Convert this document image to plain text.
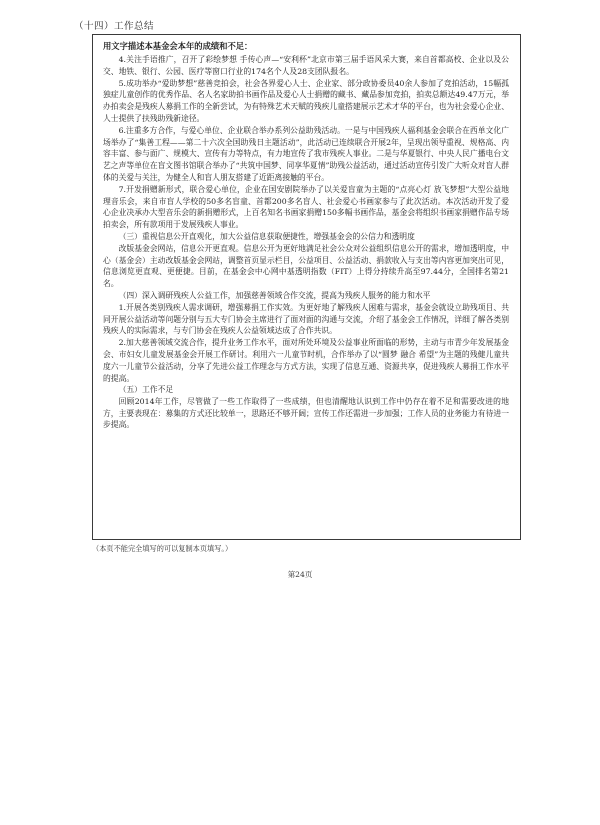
（十四）工作总结
用文字描述本基金会本年的成绩和不足：

4.关注手语推广，召开了彩绘梦想 手传心声—“安利杯”北京市第三届手语风采大赛，来自首都高校、企业以及公交、地铁、银行、公园、医疗等窗口行业的174名个人及28支团队报名。

5.成功举办“爱助梦想”慈善竞拍会，社会各界爱心人士、企业家、部分政协委员40余人参加了竞拍活动，15幅孤独症儿童创作的优秀作品、名人名家助拍书画作品及爱心人士捐赠的藏书、藏品参加竞拍，拍卖总额达49.47万元，举办拍卖会是残疾人募捐工作的全新尝试，为有特殊艺术天赋的残疾儿童搭建展示艺术才华的平台，也为社会爱心企业、人士提供了扶残助残新途径。

6.注重多方合作，与爱心单位、企业联合举办系列公益助残活动。一是与中国残疾人福利基金会联合在西单文化广场举办了“集善工程——第二十六次全国助残日主题活动”，此活动已连续联合开展2年，呈现出领导重视、规格高、内容丰富、参与面广、规模大、宣传有力等特点，有力地宣传了我市残疾人事业。二是与华夏银行、中央人民广播电台文艺之声等单位在盲文图书馆联合举办了“共筑中国梦、同享华夏情”助残公益活动，通过活动宣传引发广大听众对盲人群体的关爱与关注，为健全人和盲人朋友搭建了近距离接触的平台。

7.开发捐赠新形式，联合爱心单位，企业在国安剧院举办了以关爱盲童为主题的“点亮心灯 放飞梦想”大型公益地理音乐会，来自市盲人学校的50多名盲童、首都200多名盲人、社会爱心书画家参与了此次活动。本次活动开发了爱心企业决承办大型音乐会的新捐赠形式，上百名知名书画家捐赠150多幅书画作品，基金会将组织书画家捐赠作品专场拍卖会，所有款项用于发展残疾人事业。

（三）重视信息公开直观化，加大公益信息获取便捷性，增强基金会的公信力和透明度

改版基金会网站，信息公开更直观。信息公开为更好地满足社会公众对公益组织信息公开的需求，增加透明度，中心（基金会）主动改版基金会网站，调整首页显示栏目，公益项目、公益活动、捐款收入与支出等内容更加突出可见，信息浏览更直观、更便捷。目前，在基金会中心网中基透明指数（FIT）上得分持续升高至97.44分，全国排名第21名。

（四）深入调研残疾人公益工作，加强慈善领域合作交流，提高为残疾人服务的能力和水平

1.开展各类别残疾人需求调研，增强募捐工作实效。为更好地了解残疾人困难与需求，基金会就设立助残项目、共同开展公益活动等问题分别与五大专门协会主席进行了面对面的沟通与交流，介绍了基金会工作情况，详细了解各类别残疾人的实际需求，与专门协会在残疾人公益领域达成了合作共识。

2.加大慈善领域交流合作，提升业务工作水平，面对所处环境及公益事业所面临的形势，主动与市青少年发展基金会、市妇女儿童发展基金会开展工作研讨。利用六一儿童节时机，合作举办了以“圆梦 融合 希望”为主题的残健儿童共度六一儿童节公益活动，分享了先进公益工作理念与方式方法，实现了信息互通、资源共享，促进残疾人募捐工作水平的提高。

（五）工作不足

回顾2014年工作，尽管做了一些工作取得了一些成绩，但也清醒地认识到工作中仍存在着不足和需要改进的地方，主要表现在：募集的方式还比较单一，思路还不够开阔；宣传工作还需进一步加强；工作人员的业务能力有待进一步提高。

（本页不能完全填写的可以复制本页填写。）
第24页
